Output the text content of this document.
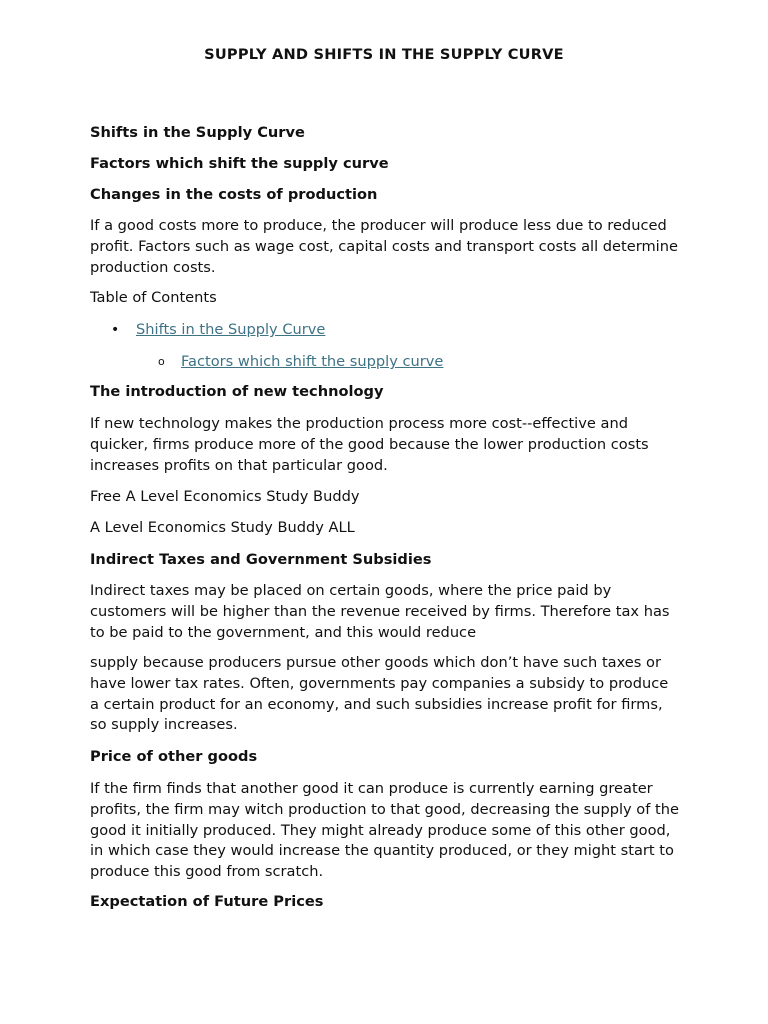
SUPPLY AND SHIFTS IN THE SUPPLY CURVE

Shifts in the Supply Curve

Factors which shift the supply curve

Changes in the costs of production

If a good costs more to produce, the producer will produce less due to reduced profit. Factors such as wage cost, capital costs and transport costs all determine production costs.

Table of Contents

• Shifts in the Supply Curve
o Factors which shift the supply curve

The introduction of new technology

If new technology makes the production process more cost--effective and quicker, firms produce more of the good because the lower production costs increases profits on that particular good.

Free A Level Economics Study Buddy

A Level Economics Study Buddy ALL

Indirect Taxes and Government Subsidies

Indirect taxes may be placed on certain goods, where the price paid by customers will be higher than the revenue received by firms. Therefore tax has to be paid to the government, and this would reduce

supply because producers pursue other goods which don’t have such taxes or have lower tax rates. Often, governments pay companies a subsidy to produce a certain product for an economy, and such subsidies increase profit for firms, so supply increases.

Price of other goods

If the firm finds that another good it can produce is currently earning greater profits, the firm may witch production to that good, decreasing the supply of the good it initially produced. They might already produce some of this other good, in which case they would increase the quantity produced, or they might start to produce this good from scratch.

Expectation of Future Prices
